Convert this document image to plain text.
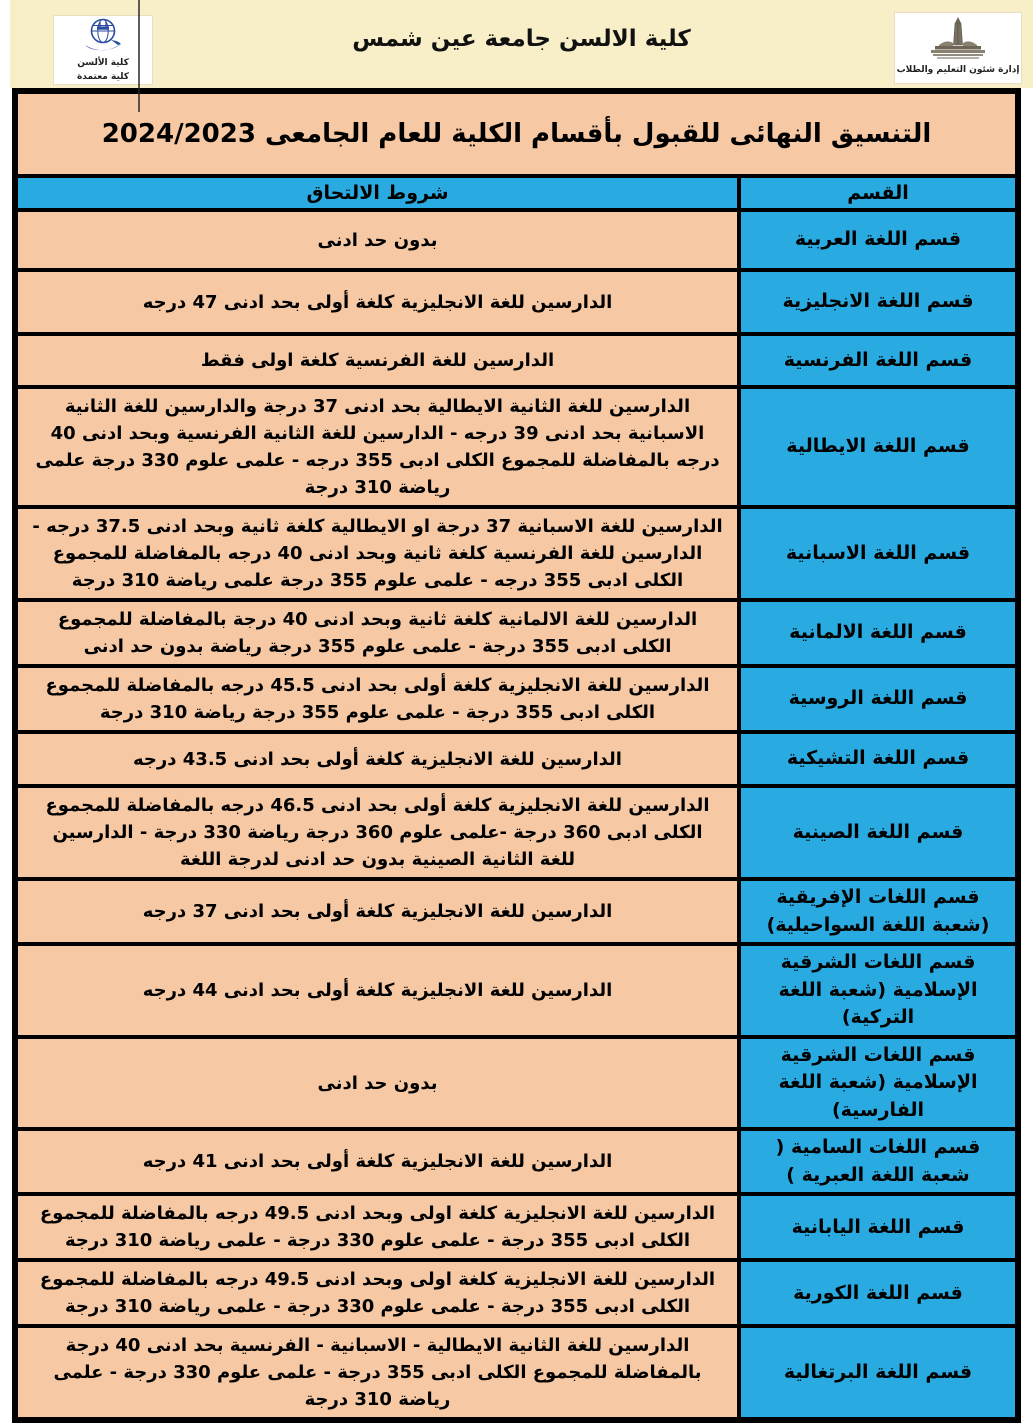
كلية الألسن
كلية معتمدة
كلية الالسن جامعة عين شمس
إدارة شئون التعليم والطلاب
التنسيق النهائى للقبول بأقسام الكلية للعام الجامعى 2024/2023	
القسم	شروط الالتحاق
قسم اللغة العربية	بدون حد ادنى
قسم اللغة الانجليزية	الدارسين للغة الانجليزية كلغة أولى بحد ادنى 47 درجه
قسم اللغة الفرنسية	الدارسين للغة الفرنسية كلغة اولى فقط
قسم اللغة الايطالية	الدارسين للغة الثانية الايطالية بحد ادنى 37 درجة والدارسين للغة الثانية الاسبانية بحد ادنى 39 درجه - الدارسين للغة الثانية الفرنسية وبحد ادنى 40 درجه بالمفاضلة للمجموع الكلى ادبى 355 درجه - علمى علوم 330 درجة علمى رياضة 310 درجة
قسم اللغة الاسبانية	الدارسين للغة الاسبانية 37 درجة او الايطالية كلغة ثانية وبحد ادنى 37.5 درجه - الدارسين للغة الفرنسية كلغة ثانية وبحد ادنى 40 درجه بالمفاضلة للمجموع الكلى ادبى 355 درجه - علمى علوم 355 درجة علمى رياضة 310 درجة
قسم اللغة الالمانية	الدارسين للغة الالمانية كلغة ثانية وبحد ادنى 40 درجة بالمفاضلة للمجموع الكلى ادبى 355 درجة - علمى علوم 355 درجة رياضة بدون حد ادنى
قسم اللغة الروسية	الدارسين للغة الانجليزية كلغة أولى بحد ادنى 45.5 درجه بالمفاضلة للمجموع الكلى ادبى 355 درجة - علمى علوم 355 درجة رياضة 310 درجة
قسم اللغة التشيكية	الدارسين للغة الانجليزية كلغة أولى بحد ادنى 43.5 درجه
قسم اللغة الصينية	الدارسين للغة الانجليزية كلغة أولى بحد ادنى 46.5 درجه بالمفاضلة للمجموع الكلى ادبى 360 درجة -علمى علوم 360 درجة رياضة 330 درجة - الدارسين للغة الثانية الصينية بدون حد ادنى لدرجة اللغة
قسم اللغات الإفريقية (شعبة اللغة السواحيلية)	الدارسين للغة الانجليزية كلغة أولى بحد ادنى 37 درجه
قسم اللغات الشرقية الإسلامية (شعبة اللغة التركية)	الدارسين للغة الانجليزية كلغة أولى بحد ادنى 44 درجه
قسم اللغات الشرقية الإسلامية (شعبة اللغة الفارسية)	بدون حد ادنى
قسم اللغات السامية ( شعبة اللغة العبرية )	الدارسين للغة الانجليزية كلغة أولى بحد ادنى 41 درجه
قسم اللغة اليابانية	الدارسين للغة الانجليزية كلغة اولى وبحد ادنى 49.5 درجه بالمفاضلة للمجموع الكلى ادبى 355 درجة - علمى علوم 330 درجة - علمى رياضة 310 درجة
قسم اللغة الكورية	الدارسين للغة الانجليزية كلغة اولى وبحد ادنى 49.5 درجه بالمفاضلة للمجموع الكلى ادبى 355 درجة - علمى علوم 330 درجة - علمى رياضة 310 درجة
قسم اللغة البرتغالية	الدارسين للغة الثانية الايطالية - الاسبانية - الفرنسية بحد ادنى 40 درجة بالمفاضلة للمجموع الكلى ادبى 355 درجة - علمى علوم 330 درجة - علمى رياضة 310 درجة
